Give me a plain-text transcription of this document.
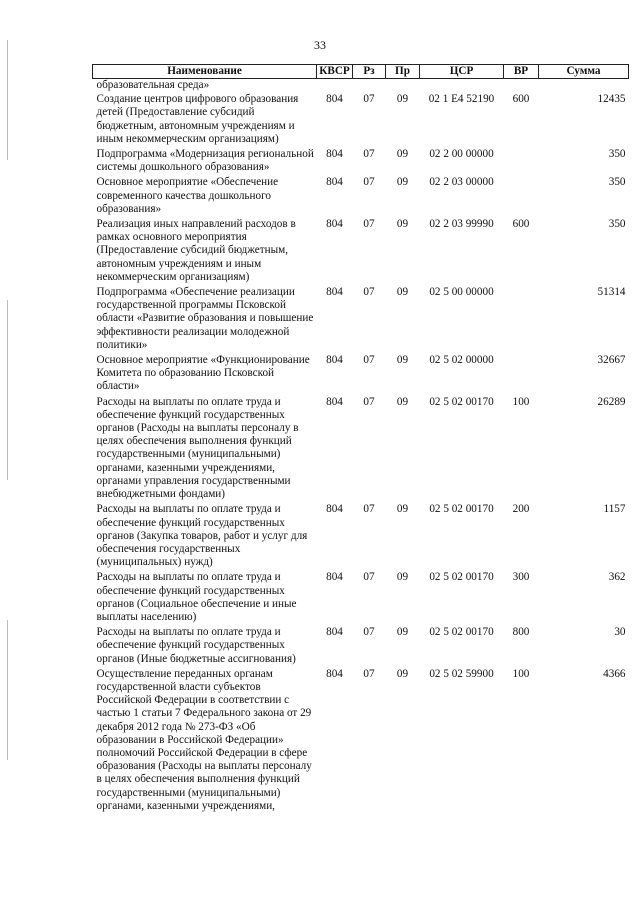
33
Наименование	КВСР	Рз	Пр	ЦСР	ВР	Сумма
образовательная среда»						
Создание центров цифрового образования детей (Предоставление субсидий бюджетным, автономным учреждениям и иным некоммерческим организациям)	804	07	09	02 1 E4 52190	600	12435
Подпрограмма «Модернизация региональной системы дошкольного образования»	804	07	09	02 2 00 00000		350
Основное мероприятие «Обеспечение современного качества дошкольного образования»	804	07	09	02 2 03 00000		350
Реализация иных направлений расходов в рамках основного мероприятия (Предоставление субсидий бюджетным, автономным учреждениям и иным некоммерческим организациям)	804	07	09	02 2 03 99990	600	350
Подпрограмма «Обеспечение реализации государственной программы Псковской области «Развитие образования и повышение эффективности реализации молодежной политики»	804	07	09	02 5 00 00000		51314
Основное мероприятие «Функционирование Комитета по образованию Псковской области»	804	07	09	02 5 02 00000		32667
Расходы на выплаты по оплате труда и обеспечение функций государственных органов (Расходы на выплаты персоналу в целях обеспечения выполнения функций государственными (муниципальными) органами, казенными учреждениями, органами управления государственными внебюджетными фондами)	804	07	09	02 5 02 00170	100	26289
Расходы на выплаты по оплате труда и обеспечение функций государственных органов (Закупка товаров, работ и услуг для обеспечения государственных (муниципальных) нужд)	804	07	09	02 5 02 00170	200	1157
Расходы на выплаты по оплате труда и обеспечение функций государственных органов (Социальное обеспечение и иные выплаты населению)	804	07	09	02 5 02 00170	300	362
Расходы на выплаты по оплате труда и обеспечение функций государственных органов (Иные бюджетные ассигнования)	804	07	09	02 5 02 00170	800	30
Осуществление переданных органам государственной власти субъектов Российской Федерации в соответствии с частью 1 статьи 7 Федерального закона от 29 декабря 2012 года № 273-ФЗ «Об образовании в Российской Федерации» полномочий Российской Федерации в сфере образования (Расходы на выплаты персоналу в целях обеспечения выполнения функций государственными (муниципальными) органами, казенными учреждениями,	804	07	09	02 5 02 59900	100	4366
